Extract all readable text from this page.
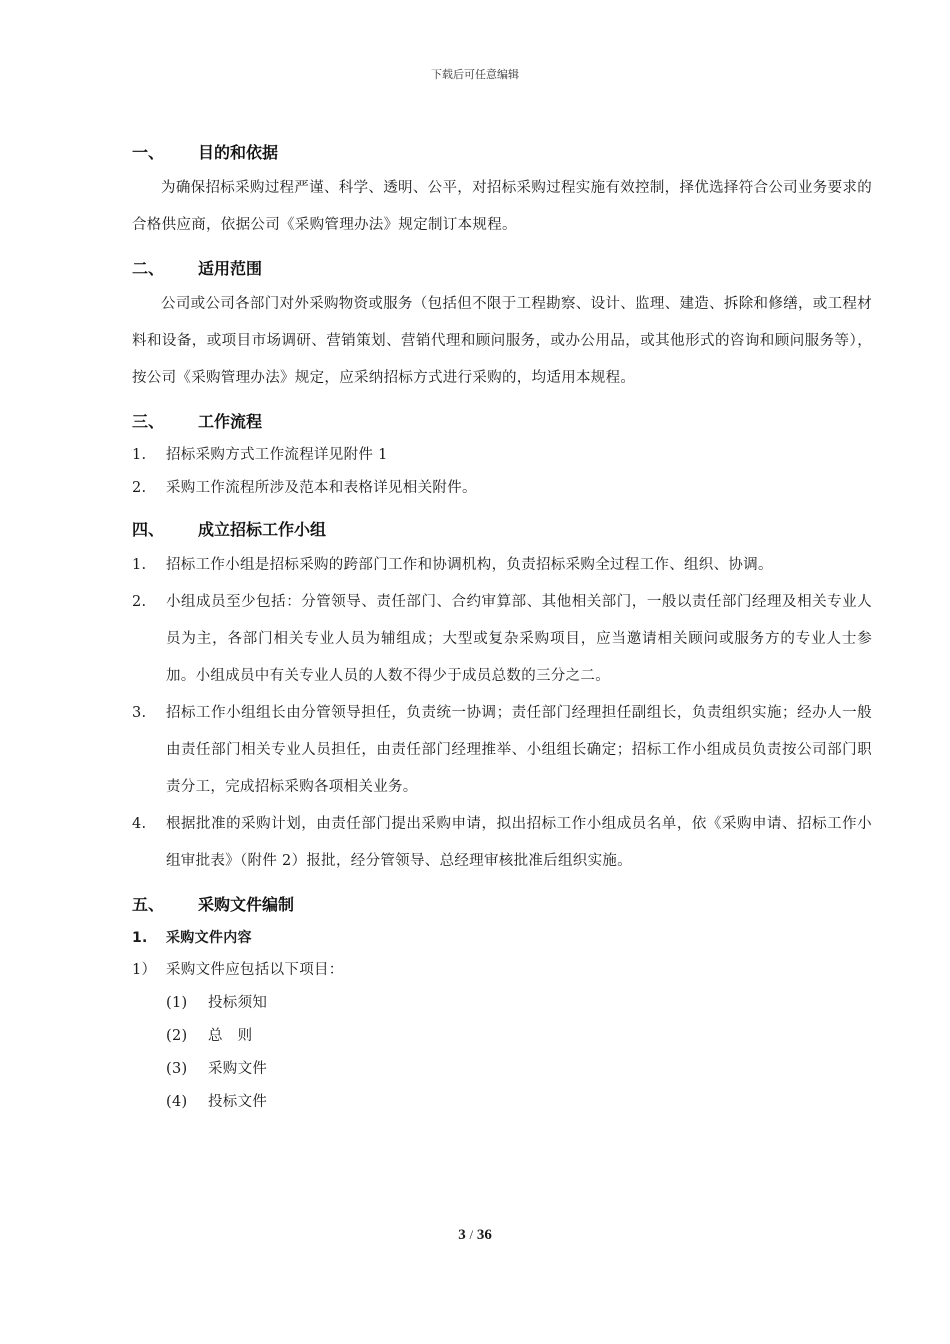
下载后可任意编辑
一、	目的和依据

为确保招标采购过程严谨、科学、透明、公平，对招标采购过程实施有效控制，择优选择符合公司业务要求的合格供应商，依据公司《采购管理办法》规定制订本规程。

二、	适用范围

公司或公司各部门对外采购物资或服务（包括但不限于工程勘察、设计、监理、建造、拆除和修缮，或工程材料和设备，或项目市场调研、营销策划、营销代理和顾问服务，或办公用品，或其他形式的咨询和顾问服务等），按公司《采购管理办法》规定，应采纳招标方式进行采购的，均适用本规程。

三、	工作流程
1.	招标采购方式工作流程详见附件 1
2.	采购工作流程所涉及范本和表格详见相关附件。
四、	成立招标工作小组
1.	招标工作小组是招标采购的跨部门工作和协调机构，负责招标采购全过程工作、组织、协调。
2.	小组成员至少包括：分管领导、责任部门、合约审算部、其他相关部门，一般以责任部门经理及相关专业人员为主，各部门相关专业人员为辅组成；大型或复杂采购项目，应当邀请相关顾问或服务方的专业人士参加。小组成员中有关专业人员的人数不得少于成员总数的三分之二。
3.	招标工作小组组长由分管领导担任，负责统一协调；责任部门经理担任副组长，负责组织实施；经办人一般由责任部门相关专业人员担任，由责任部门经理推举、小组组长确定；招标工作小组成员负责按公司部门职责分工，完成招标采购各项相关业务。
4.	根据批准的采购计划，由责任部门提出采购申请，拟出招标工作小组成员名单，依《采购申请、招标工作小组审批表》（附件 2）报批，经分管领导、总经理审核批准后组织实施。
五、	采购文件编制
1.	采购文件内容
1） 采购文件应包括以下项目：
(1)	投标须知
(2)	总　则
(3)	采购文件
(4)	投标文件
3 / 36
